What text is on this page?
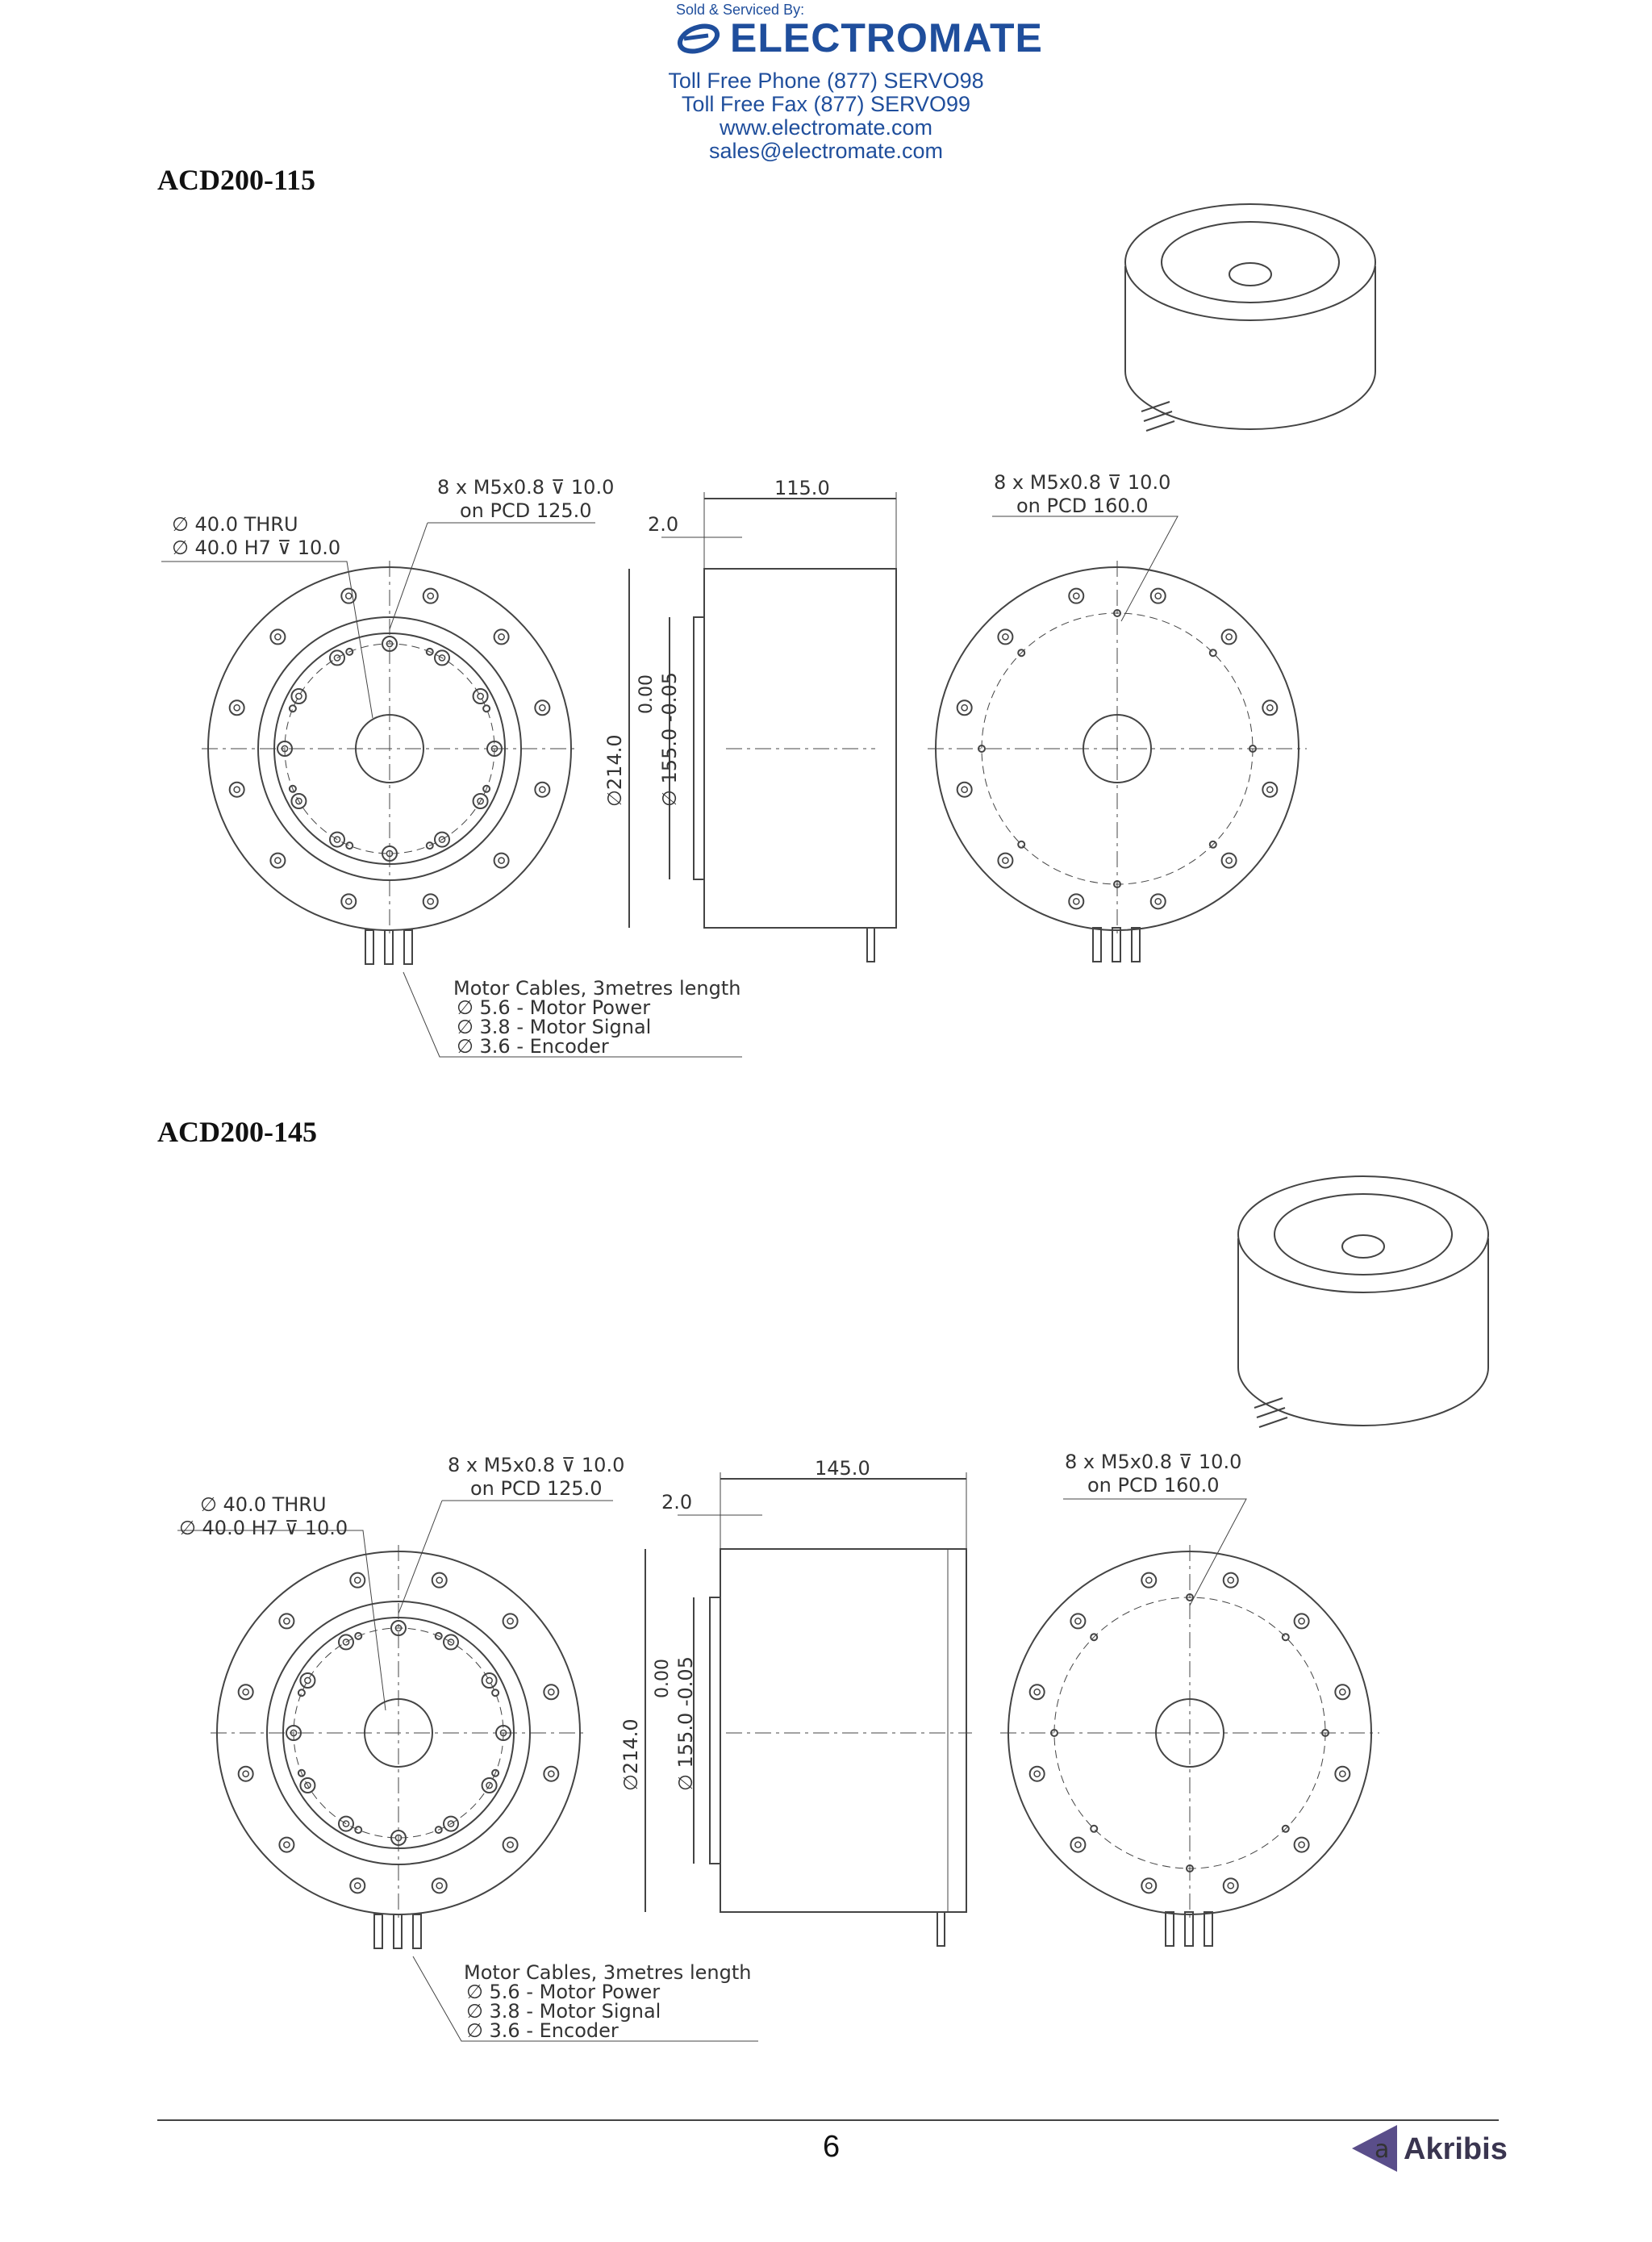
Sold & Serviced By:
ELECTROMATE
Toll Free Phone (877) SERVO98
Toll Free Fax (877) SERVO99
www.electromate.com
sales@electromate.com
ACD200-115
∅ 40.0 THRU
∅ 40.0 H7 ⊽ 10.0
8 x M5x0.8 ⊽ 10.0
on PCD 125.0
115.0
2.0
∅214.0
0.00 ∅ 155.0 -0.05
8 x M5x0.8 ⊽ 10.0
on PCD 160.0
Motor Cables, 3metres length
∅ 5.6 - Motor Power
∅ 3.8 - Motor Signal
∅ 3.6 - Encoder
ACD200-145
∅ 40.0 THRU
∅ 40.0 H7 ⊽ 10.0
8 x M5x0.8 ⊽ 10.0
on PCD 125.0
145.0
2.0
∅214.0
0.00 ∅ 155.0 -0.05
8 x M5x0.8 ⊽ 10.0
on PCD 160.0
Motor Cables, 3metres length
∅ 5.6 - Motor Power
∅ 3.8 - Motor Signal
∅ 3.6 - Encoder
6	a Akribis
